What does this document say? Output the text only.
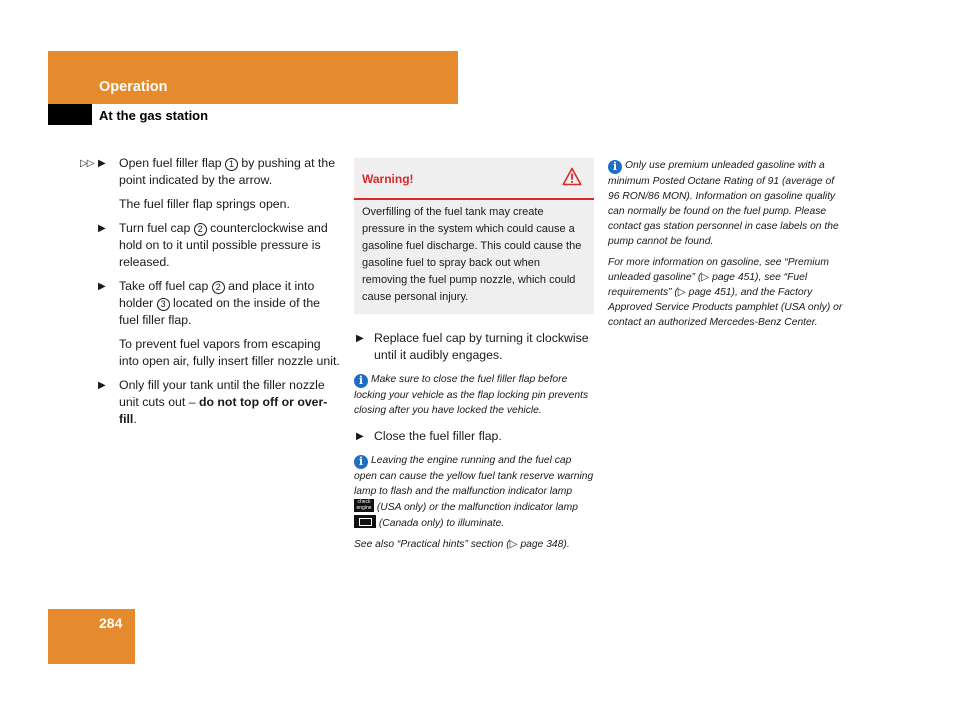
Operation
At the gas station
▷▷ ▶ Open fuel filler flap 1 by pushing at the point indicated by the arrow.
The fuel filler flap springs open.
▶ Turn fuel cap 2 counterclockwise and hold on to it until possible pressure is released.
▶ Take off fuel cap 2 and place it into holder 3 located on the inside of the fuel filler flap.
To prevent fuel vapors from escaping into open air, fully insert filler nozzle unit.
▶ Only fill your tank until the filler nozzle unit cuts out – do not top off or over-fill.
Warning!
Overfilling of the fuel tank may create pressure in the system which could cause a gasoline fuel discharge. This could cause the gasoline fuel to spray back out when removing the fuel pump nozzle, which could cause personal injury.
▶ Replace fuel cap by turning it clockwise until it audibly engages.
i Make sure to close the fuel filler flap before locking your vehicle as the flap locking pin prevents closing after you have locked the vehicle.
▶ Close the fuel filler flap.
i Leaving the engine running and the fuel cap open can cause the yellow fuel tank reserve warning lamp to flash and the malfunction indicator lamp check engine (USA only) or the malfunction indicator lamp  (Canada only) to illuminate.
See also “Practical hints” section (▷ page 348).
i Only use premium unleaded gasoline with a minimum Posted Octane Rating of 91 (average of 96 RON/86 MON). Information on gasoline quality can normally be found on the fuel pump. Please contact gas station personnel in case labels on the pump cannot be found.
For more information on gasoline, see “Premium unleaded gasoline” (▷ page 451), see “Fuel requirements” (▷ page 451), and the Factory Approved Service Products pamphlet (USA only) or contact an authorized Mercedes-Benz Center.
284
